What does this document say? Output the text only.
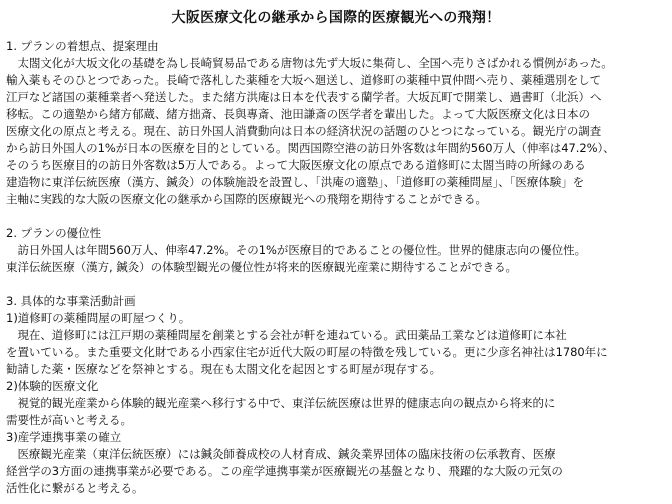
大阪医療文化の継承から国際的医療観光への飛翔！
1. プランの着想点、提案理由
　太閤文化が大坂文化の基礎を為し長崎貿易品である唐物は先ず大坂に集荷し、全国へ売りさばかれる慣例があった。
輸入薬もそのひとつであった。長崎で落札した薬種を大坂へ廻送し、道修町の薬種中買仲間へ売り、薬種選別をして
江戸など諸国の薬種業者へ発送した。また緒方洪庵は日本を代表する蘭学者。大坂瓦町で開業し、過書町（北浜）へ
移転。この適塾から緒方郁蔵、緒方拙斎、長與專斎、池田謙斎の医学者を輩出した。よって大阪医療文化は日本の
医療文化の原点と考える。現在、訪日外国人消費動向は日本の経済状況の話題のひとつになっている。観光庁の調査
から訪日外国人の1%が日本の医療を目的としている。関西国際空港の訪日外客数は年間約560万人（伸率は47.2%）、
そのうち医療目的の訪日外客数は5万人である。よって大阪医療文化の原点である道修町に太閤当時の所縁のある
建造物に東洋伝統医療（漢方、鍼灸）の体験施設を設置し、「洪庵の適塾」、「道修町の薬種問屋」、「医療体験」を
主軸に実践的な大阪の医療文化の継承から国際的医療観光への飛翔を期待することができる。
2. プランの優位性
　訪日外国人は年間560万人、伸率47.2%。その1%が医療目的であることの優位性。世界的健康志向の優位性。
東洋伝統医療（漢方, 鍼灸）の体験型観光の優位性が将来的医療観光産業に期待することができる。
3. 具体的な事業活動計画
1)道修町の薬種問屋の町屋つくり。
　現在、道修町には江戸期の薬種問屋を創業とする会社が軒を連ねている。武田薬品工業などは道修町に本社
を置いている。また重要文化財である小西家住宅が近代大阪の町屋の特徴を残している。更に少彦名神社は1780年に
勧請した薬・医療などを祭神とする。現在も太閤文化を起因とする町屋が現存する。
2)体験的医療文化
　視覚的観光産業から体験的観光産業へ移行する中で、東洋伝統医療は世界的健康志向の観点から将来的に
需要性が高いと考える。
3)産学連携事業の確立
　医療観光産業（東洋伝統医療）には鍼灸師養成校の人材育成、鍼灸業界団体の臨床技術の伝承教育、医療
経営学の3方面の連携事業が必要である。この産学連携事業が医療観光の基盤となり、飛躍的な大阪の元気の
活性化に繋がると考える。
